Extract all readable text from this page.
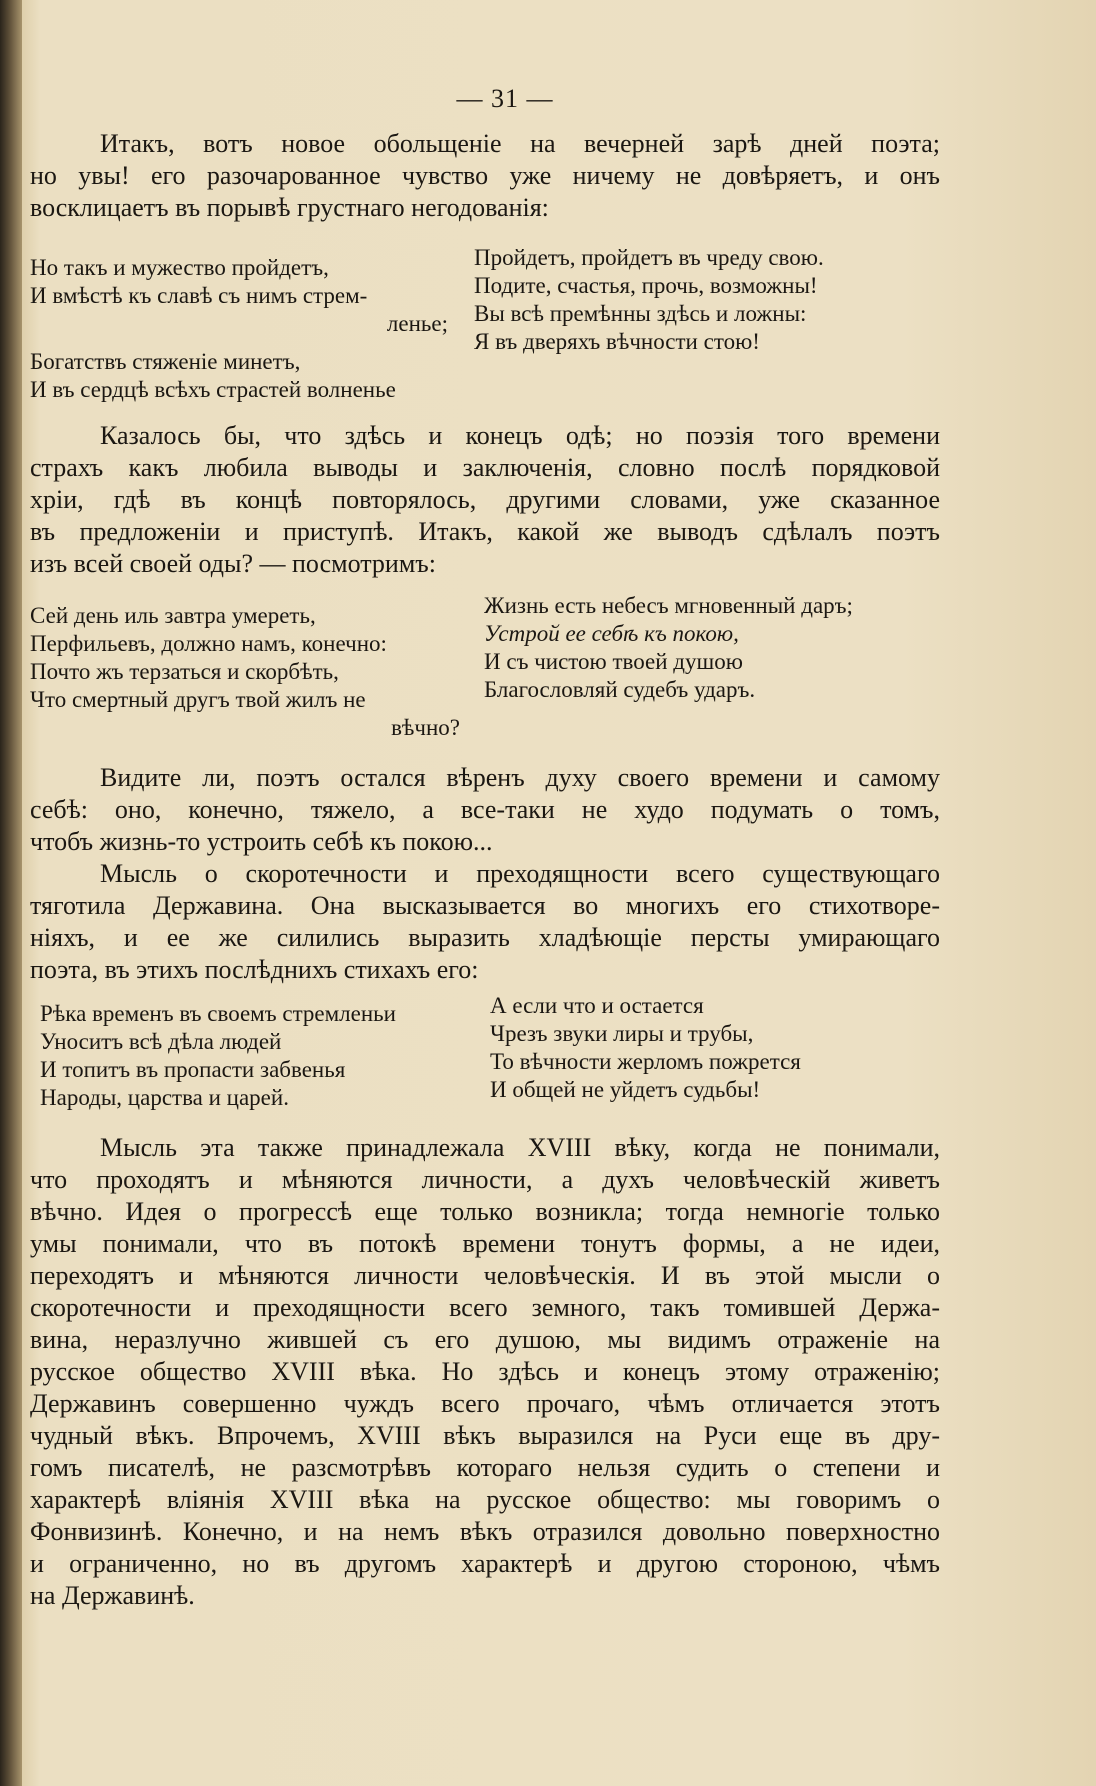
— 31 —
Итакъ, вотъ новое обольщенiе на вечерней зарѣ дней поэта;
но увы! его разочарованное чувство уже ничему не довѣряетъ, и онъ
восклицаетъ въ порывѣ грустнаго негодованія:
Но такъ и мужество пройдетъ,
И вмѣстѣ къ славѣ съ нимъ стрем-
ленье;
Богатствъ стяженiе минетъ,
И въ сердцѣ всѣхъ страстей волненье
Пройдетъ, пройдетъ въ чреду свою.
Подите, счастья, прочь, возможны!
Вы всѣ премѣнны здѣсь и ложны:
Я въ дверяхъ вѣчности стою!
Казалось бы, что здѣсь и конецъ одѣ; но поэзія того времени
страхъ какъ любила выводы и заключенія, словно послѣ порядковой
хріи, гдѣ въ концѣ повторялось, другими словами, уже сказанное
въ предложенiи и приступѣ. Итакъ, какой же выводъ сдѣлалъ поэтъ
изъ всей своей оды? — посмотримъ:
Сей день иль завтра умереть,
Перфильевъ, должно намъ, конечно:
Почто жъ терзаться и скорбѣть,
Что смертный другъ твой жилъ не
вѣчно?
Жизнь есть небесъ мгновенный даръ;
Устрой ее себѣ къ покою,
И съ чистою твоей душою
Благословляй судебъ ударъ.
Видите ли, поэтъ остался вѣренъ духу своего времени и самому
себѣ: оно, конечно, тяжело, а все-таки не худо подумать о томъ,
чтобъ жизнь-то устроить себѣ къ покою...
Мысль о скоротечности и преходящности всего существующаго
тяготила Державина. Она высказывается во многихъ его стихотворе-
нiяхъ, и ее же силились выразить хладѣющiе персты умирающаго
поэта, въ этихъ послѣднихъ стихахъ его:
Рѣка временъ въ своемъ стремленьи
Уноситъ всѣ дѣла людей
И топитъ въ пропасти забвенья
Народы, царства и царей.
А если что и остается
Чрезъ звуки лиры и трубы,
То вѣчности жерломъ пожрется
И общей не уйдетъ судьбы!
Мысль эта также принадлежала XVIII вѣку, когда не понимали,
что проходятъ и мѣняются личности, а духъ человѣческiй живетъ
вѣчно. Идея о прогрессѣ еще только возникла; тогда немногiе только
умы понимали, что въ потокѣ времени тонутъ формы, а не идеи,
переходятъ и мѣняются личности человѣческія. И въ этой мысли о
скоротечности и преходящности всего земного, такъ томившей Держа-
вина, неразлучно жившей съ его душою, мы видимъ отраженiе на
русское общество XVIII вѣка. Но здѣсь и конецъ этому отраженiю;
Державинъ совершенно чуждъ всего прочаго, чѣмъ отличается этотъ
чудный вѣкъ. Впрочемъ, XVIII вѣкъ выразился на Руси еще въ дру-
гомъ писателѣ, не разсмотрѣвъ котораго нельзя судить о степени и
характерѣ вліянія XVIII вѣка на русское общество: мы говоримъ о
Фонвизинѣ. Конечно, и на немъ вѣкъ отразился довольно поверхностно
и ограниченно, но въ другомъ характерѣ и другою стороною, чѣмъ
на Державинѣ.
